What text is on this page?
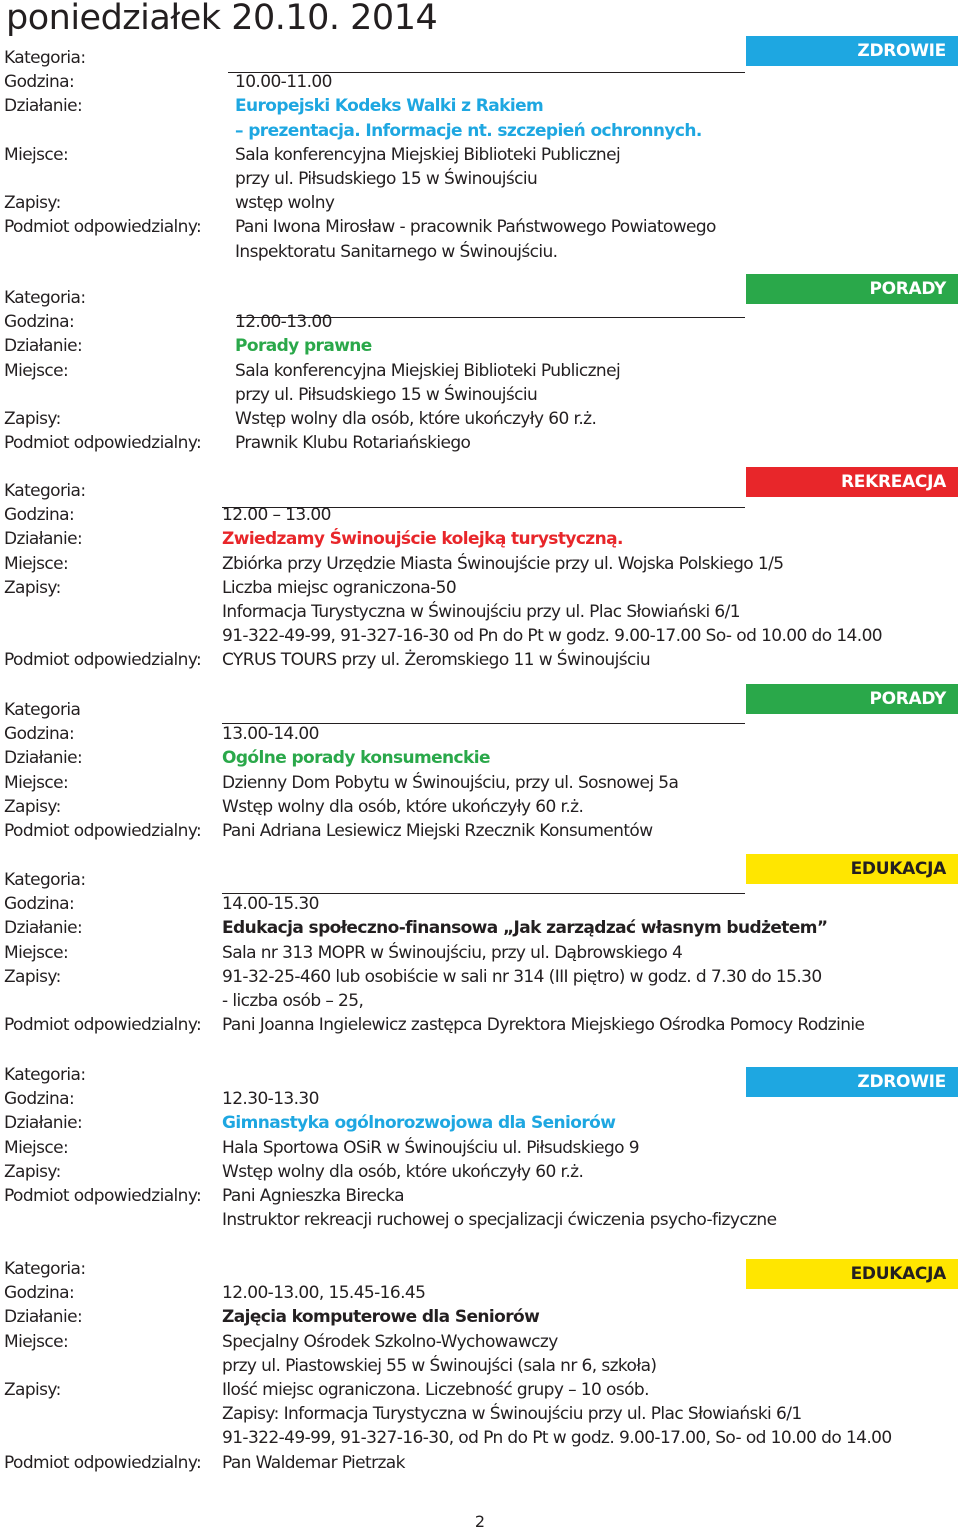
poniedziałek 20.10. 2014
ZDROWIE
Kategoria:
Godzina:	10.00-11.00
Działanie:	Europejski Kodeks Walki z Rakiem
– prezentacja. Informacje nt. szczepień ochronnych.
Miejsce:	Sala konferencyjna Miejskiej Biblioteki Publicznej
przy ul. Piłsudskiego 15 w Świnoujściu
Zapisy:	wstęp wolny
Podmiot odpowiedzialny: Pani Iwona Mirosław - pracownik Państwowego Powiatowego
Inspektoratu Sanitarnego w Świnoujściu.
PORADY
Kategoria:
Godzina:	12.00-13.00
Działanie:	Porady prawne
Miejsce:	Sala konferencyjna Miejskiej Biblioteki Publicznej
przy ul. Piłsudskiego 15 w Świnoujściu
Zapisy:	Wstęp wolny dla osób, które ukończyły 60 r.ż.
Podmiot odpowiedzialny: Prawnik Klubu Rotariańskiego
REKREACJA
Kategoria:
Godzina:	12.00 – 13.00
Działanie:	Zwiedzamy Świnoujście kolejką turystyczną.
Miejsce:	Zbiórka przy Urzędzie Miasta Świnoujście przy ul. Wojska Polskiego 1/5
Zapisy:	Liczba miejsc ograniczona-50
Informacja Turystyczna w Świnoujściu przy ul. Plac Słowiański 6/1
91-322-49-99, 91-327-16-30 od Pn do Pt w godz. 9.00-17.00 So- od 10.00 do 14.00
Podmiot odpowiedzialny: CYRUS TOURS przy ul. Żeromskiego 11 w Świnoujściu
PORADY
Kategoria
Godzina:	13.00-14.00
Działanie:	Ogólne porady konsumenckie
Miejsce:	Dzienny Dom Pobytu w Świnoujściu, przy ul. Sosnowej 5a
Zapisy:	Wstęp wolny dla osób, które ukończyły 60 r.ż.
Podmiot odpowiedzialny: Pani Adriana Lesiewicz Miejski Rzecznik Konsumentów
EDUKACJA
Kategoria:
Godzina:	14.00-15.30
Działanie:	Edukacja społeczno-finansowa „Jak zarządzać własnym budżetem”
Miejsce:	Sala nr 313 MOPR w Świnoujściu, przy ul. Dąbrowskiego 4
Zapisy:	91-32-25-460 lub osobiście w sali nr 314 (III piętro) w godz. d 7.30 do 15.30
- liczba osób – 25,
Podmiot odpowiedzialny: Pani Joanna Ingielewicz zastępca Dyrektora Miejskiego Ośrodka Pomocy Rodzinie
ZDROWIE
Kategoria:
Godzina:	12.30-13.30
Działanie:	Gimnastyka ogólnorozwojowa dla Seniorów
Miejsce:	Hala Sportowa OSiR w Świnoujściu ul. Piłsudskiego 9
Zapisy:	Wstęp wolny dla osób, które ukończyły 60 r.ż.
Podmiot odpowiedzialny: Pani Agnieszka Birecka
Instruktor rekreacji ruchowej o specjalizacji ćwiczenia psycho-fizyczne
EDUKACJA
Kategoria:
Godzina:	12.00-13.00, 15.45-16.45
Działanie:	Zajęcia komputerowe dla Seniorów
Miejsce:	Specjalny Ośrodek Szkolno-Wychowawczy
przy ul. Piastowskiej 55 w Świnoujści (sala nr 6, szkoła)
Zapisy:	Ilość miejsc ograniczona. Liczebność grupy – 10 osób.
Zapisy: Informacja Turystyczna w Świnoujściu przy ul. Plac Słowiański 6/1
91-322-49-99, 91-327-16-30, od Pn do Pt w godz. 9.00-17.00, So- od 10.00 do 14.00
Podmiot odpowiedzialny: Pan Waldemar Pietrzak
2
